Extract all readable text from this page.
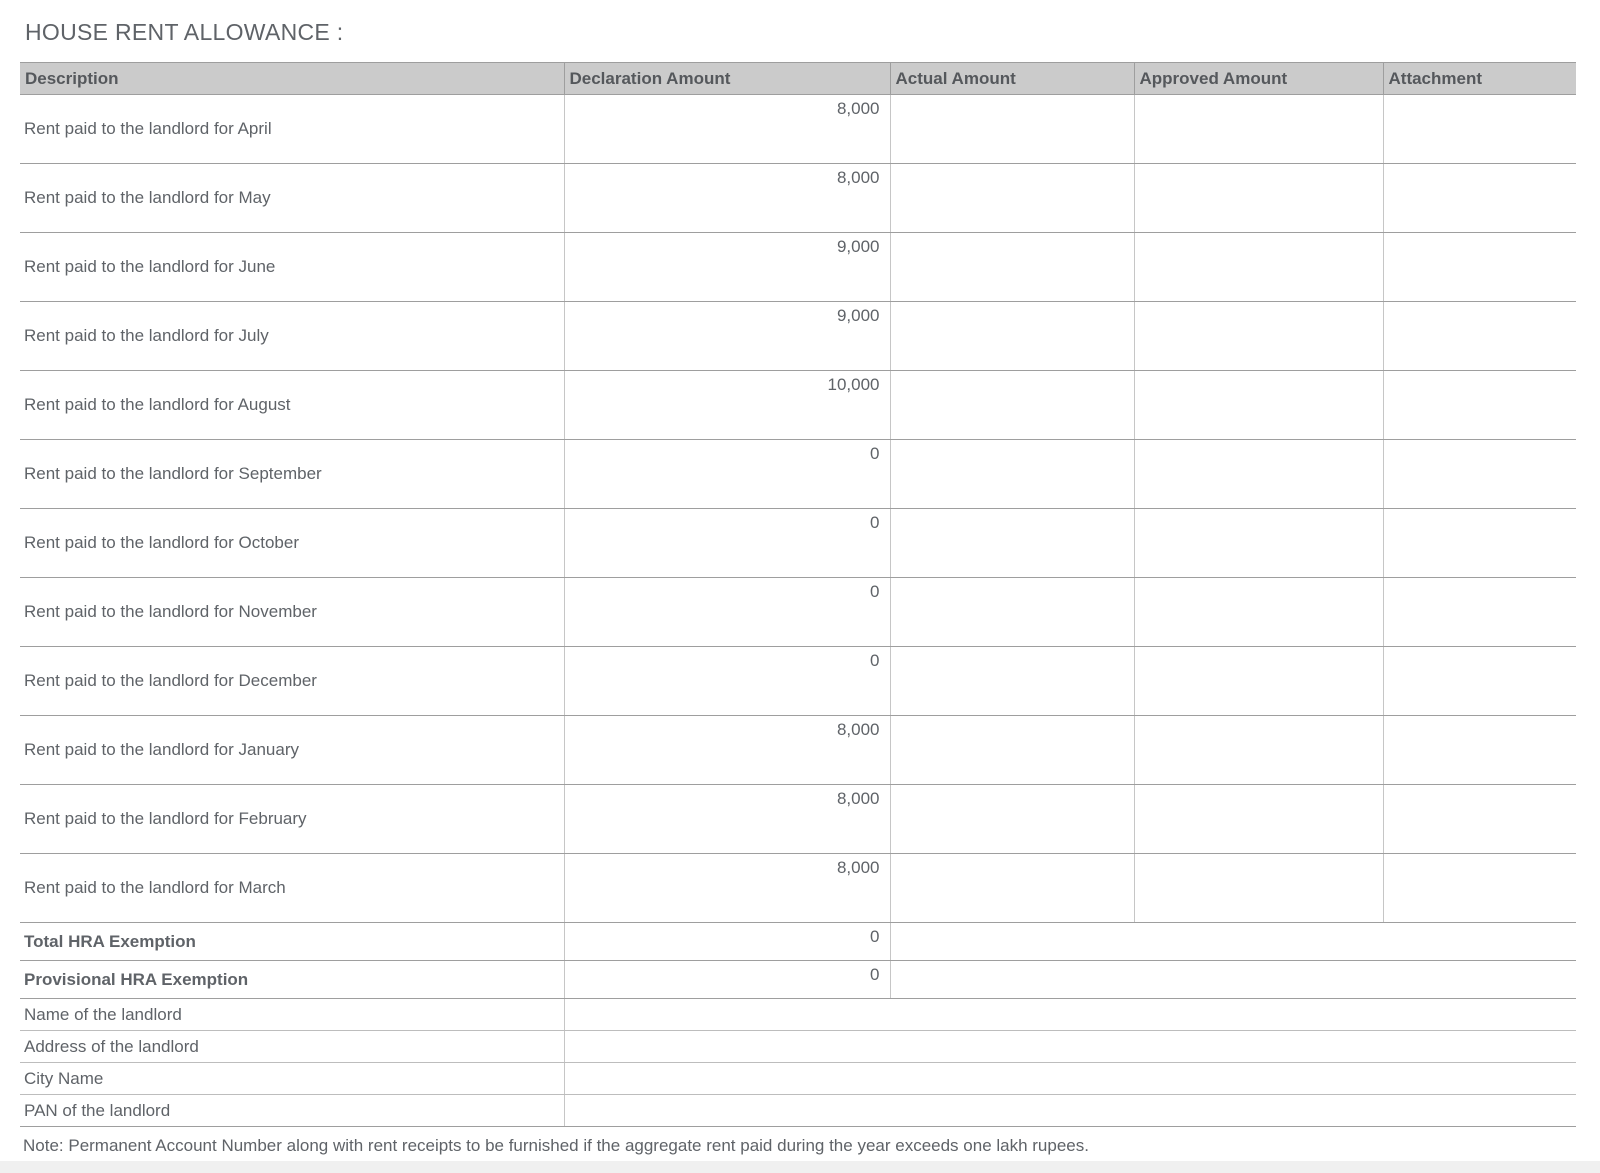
HOUSE RENT ALLOWANCE :
Description	Declaration Amount	Actual Amount	Approved Amount	Attachment
Rent paid to the landlord for April	8,000			
Rent paid to the landlord for May	8,000			
Rent paid to the landlord for June	9,000			
Rent paid to the landlord for July	9,000			
Rent paid to the landlord for August	10,000			
Rent paid to the landlord for September	0			
Rent paid to the landlord for October	0			
Rent paid to the landlord for November	0			
Rent paid to the landlord for December	0			
Rent paid to the landlord for January	8,000			
Rent paid to the landlord for February	8,000			
Rent paid to the landlord for March	8,000			
Total HRA Exemption	0			
Provisional HRA Exemption	0			
Name of the landlord				
Address of the landlord				
City Name				
PAN of the landlord				
Note: Permanent Account Number along with rent receipts to be furnished if the aggregate rent paid during the year exceeds one lakh rupees.
